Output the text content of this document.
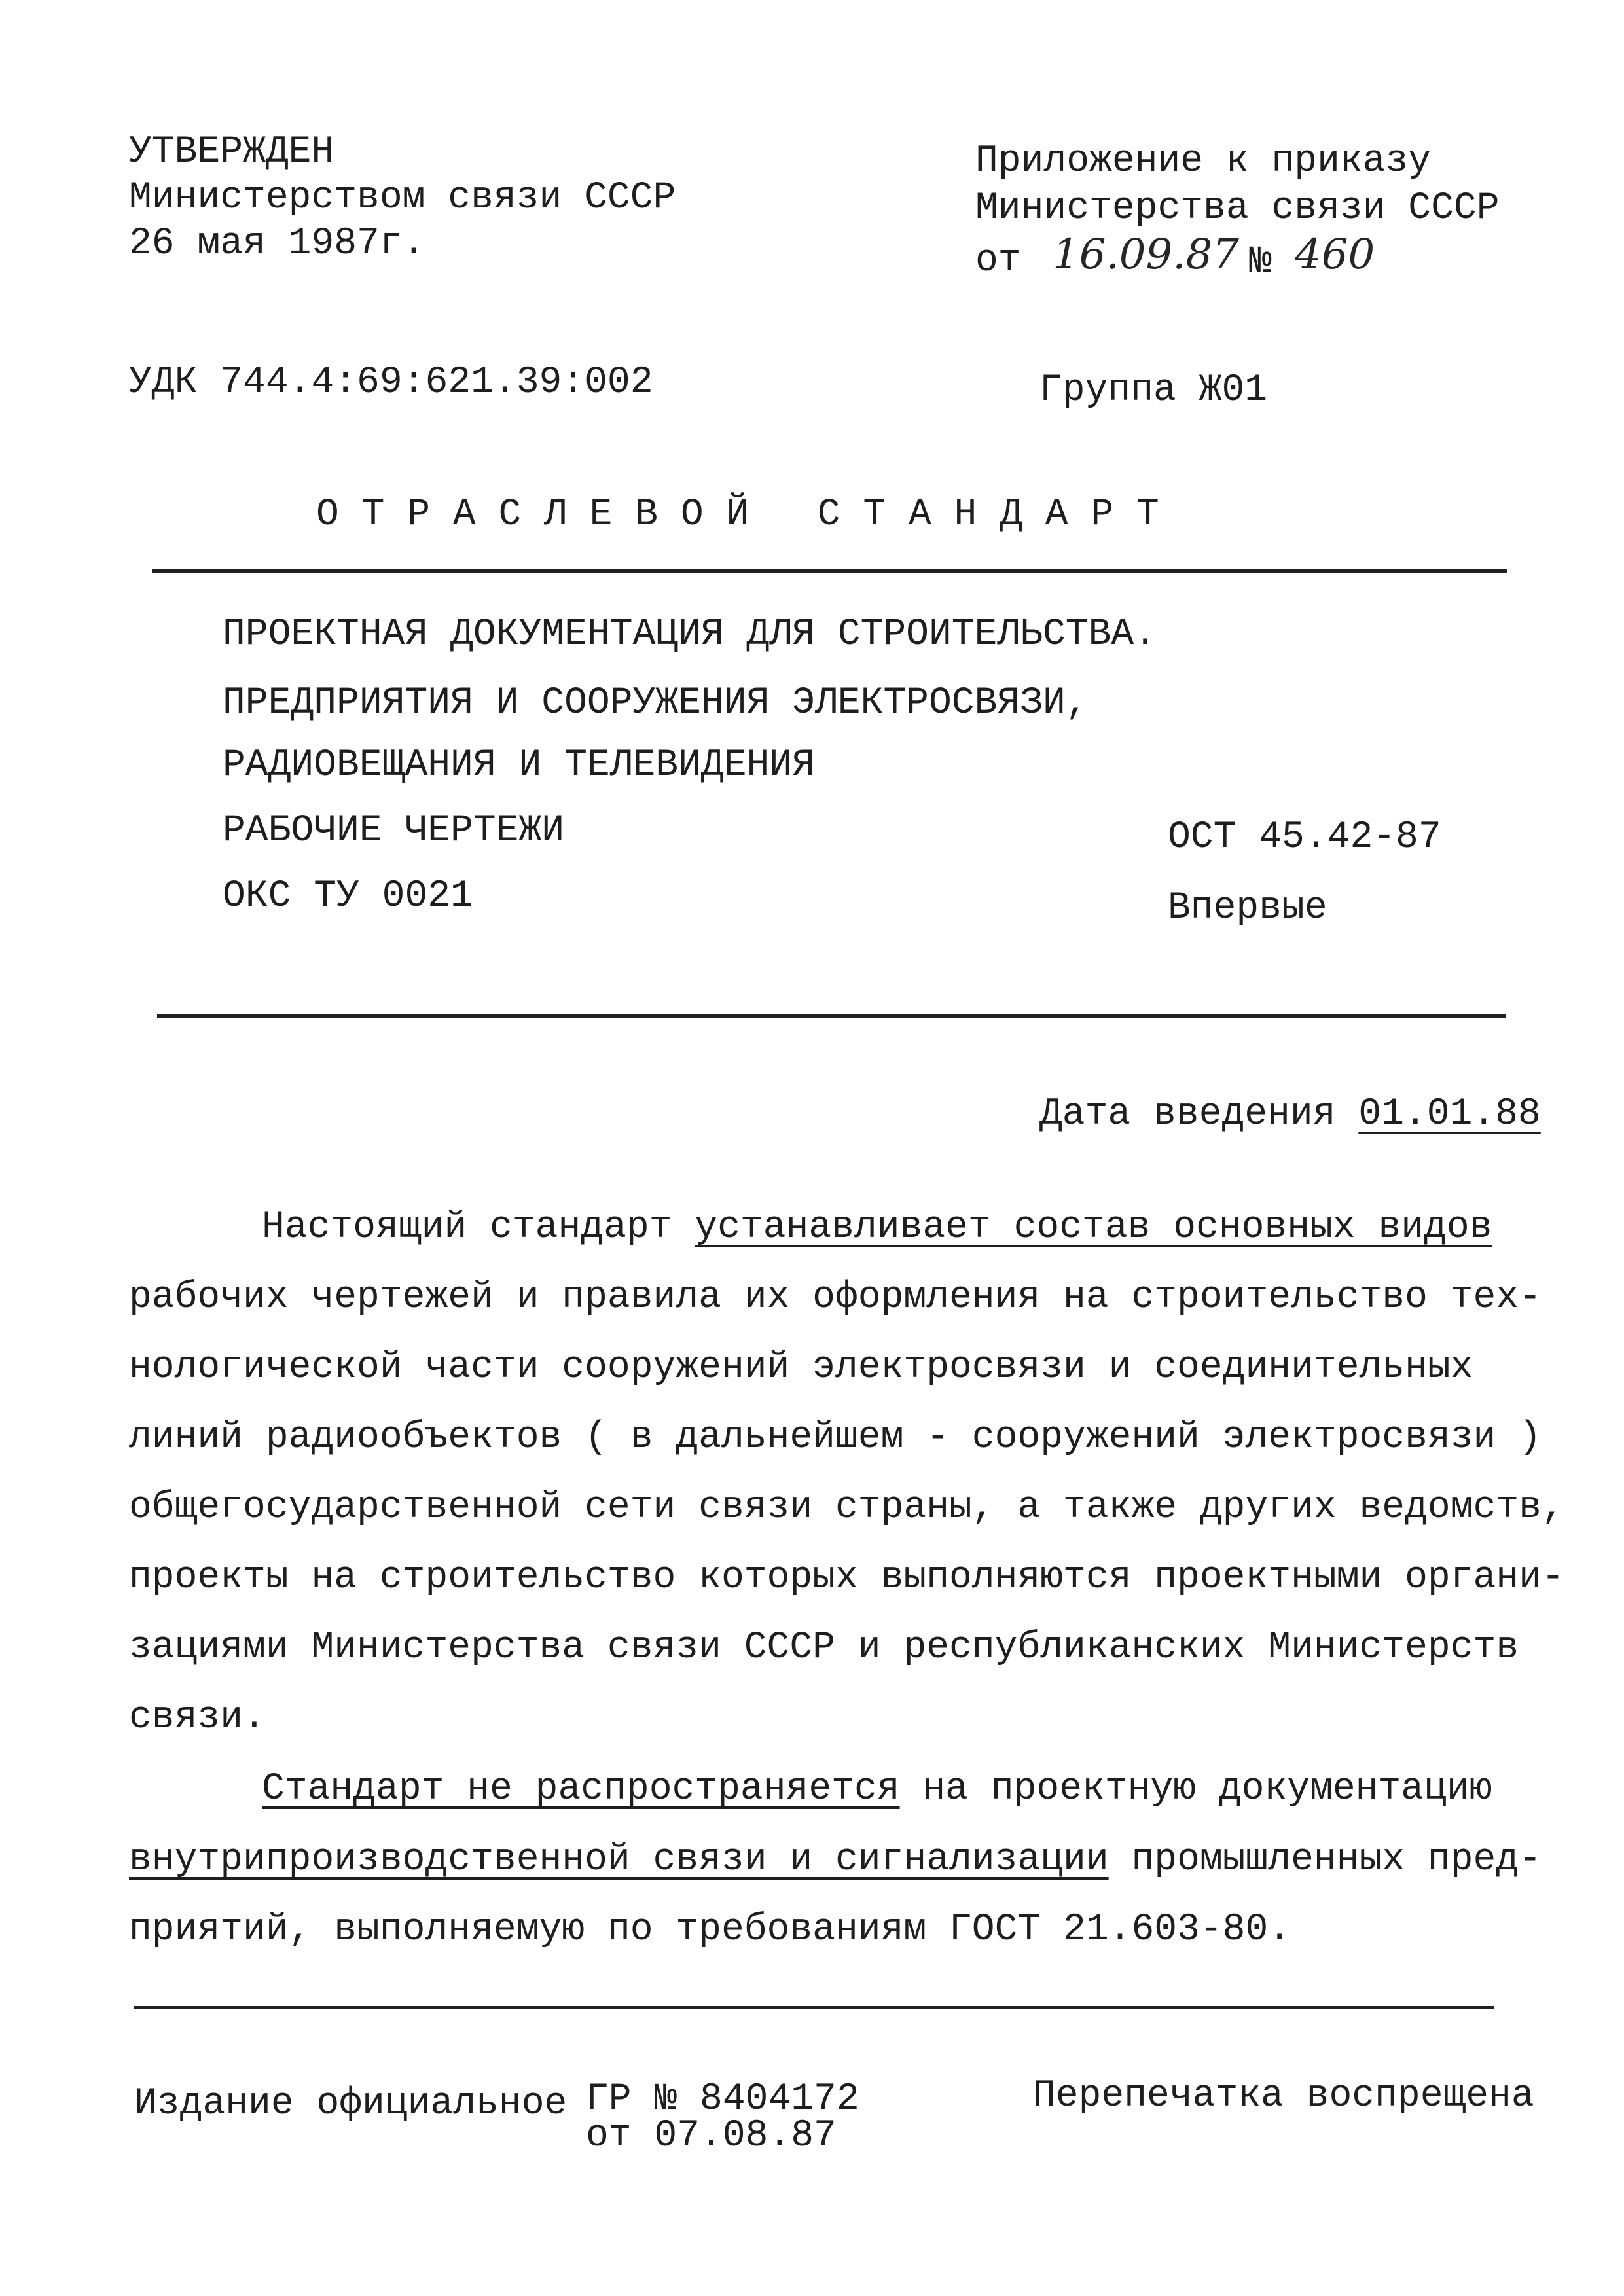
УТВЕРЖДЕН
Министерством связи СССР
26 мая 1987г.
Приложение к приказу
Министерства связи СССР
от 16.09.87 № 460
УДК 744.4:69:621.39:002	Группа Ж01
О Т Р А С Л Е В О Й   С Т А Н Д А Р Т
ПРОЕКТНАЯ ДОКУМЕНТАЦИЯ ДЛЯ СТРОИТЕЛЬСТВА.
ПРЕДПРИЯТИЯ И СООРУЖЕНИЯ ЭЛЕКТРОСВЯЗИ,
РАДИОВЕЩАНИЯ И ТЕЛЕВИДЕНИЯ
РАБОЧИЕ ЧЕРТЕЖИ
ОКС ТУ 0021
ОСТ 45.42-87
Впервые
Дата введения 01.01.88
Настоящий стандарт устанавливает состав основных видов
рабочих чертежей и правила их оформления на строительство тех-
нологической части сооружений электросвязи и соединительных
линий радиообъектов ( в дальнейшем - сооружений электросвязи )
общегосударственной сети связи страны, а также других ведомств,
проекты на строительство которых выполняются проектными органи-
зациями Министерства связи СССР и республиканских Министерств
связи.
Стандарт не распространяется на проектную документацию
внутрипроизводственной связи и сигнализации промышленных пред-
приятий, выполняемую по требованиям ГОСТ 21.603-80.
Издание официальное ГР № 8404172
от 07.08.87
Перепечатка воспрещена
